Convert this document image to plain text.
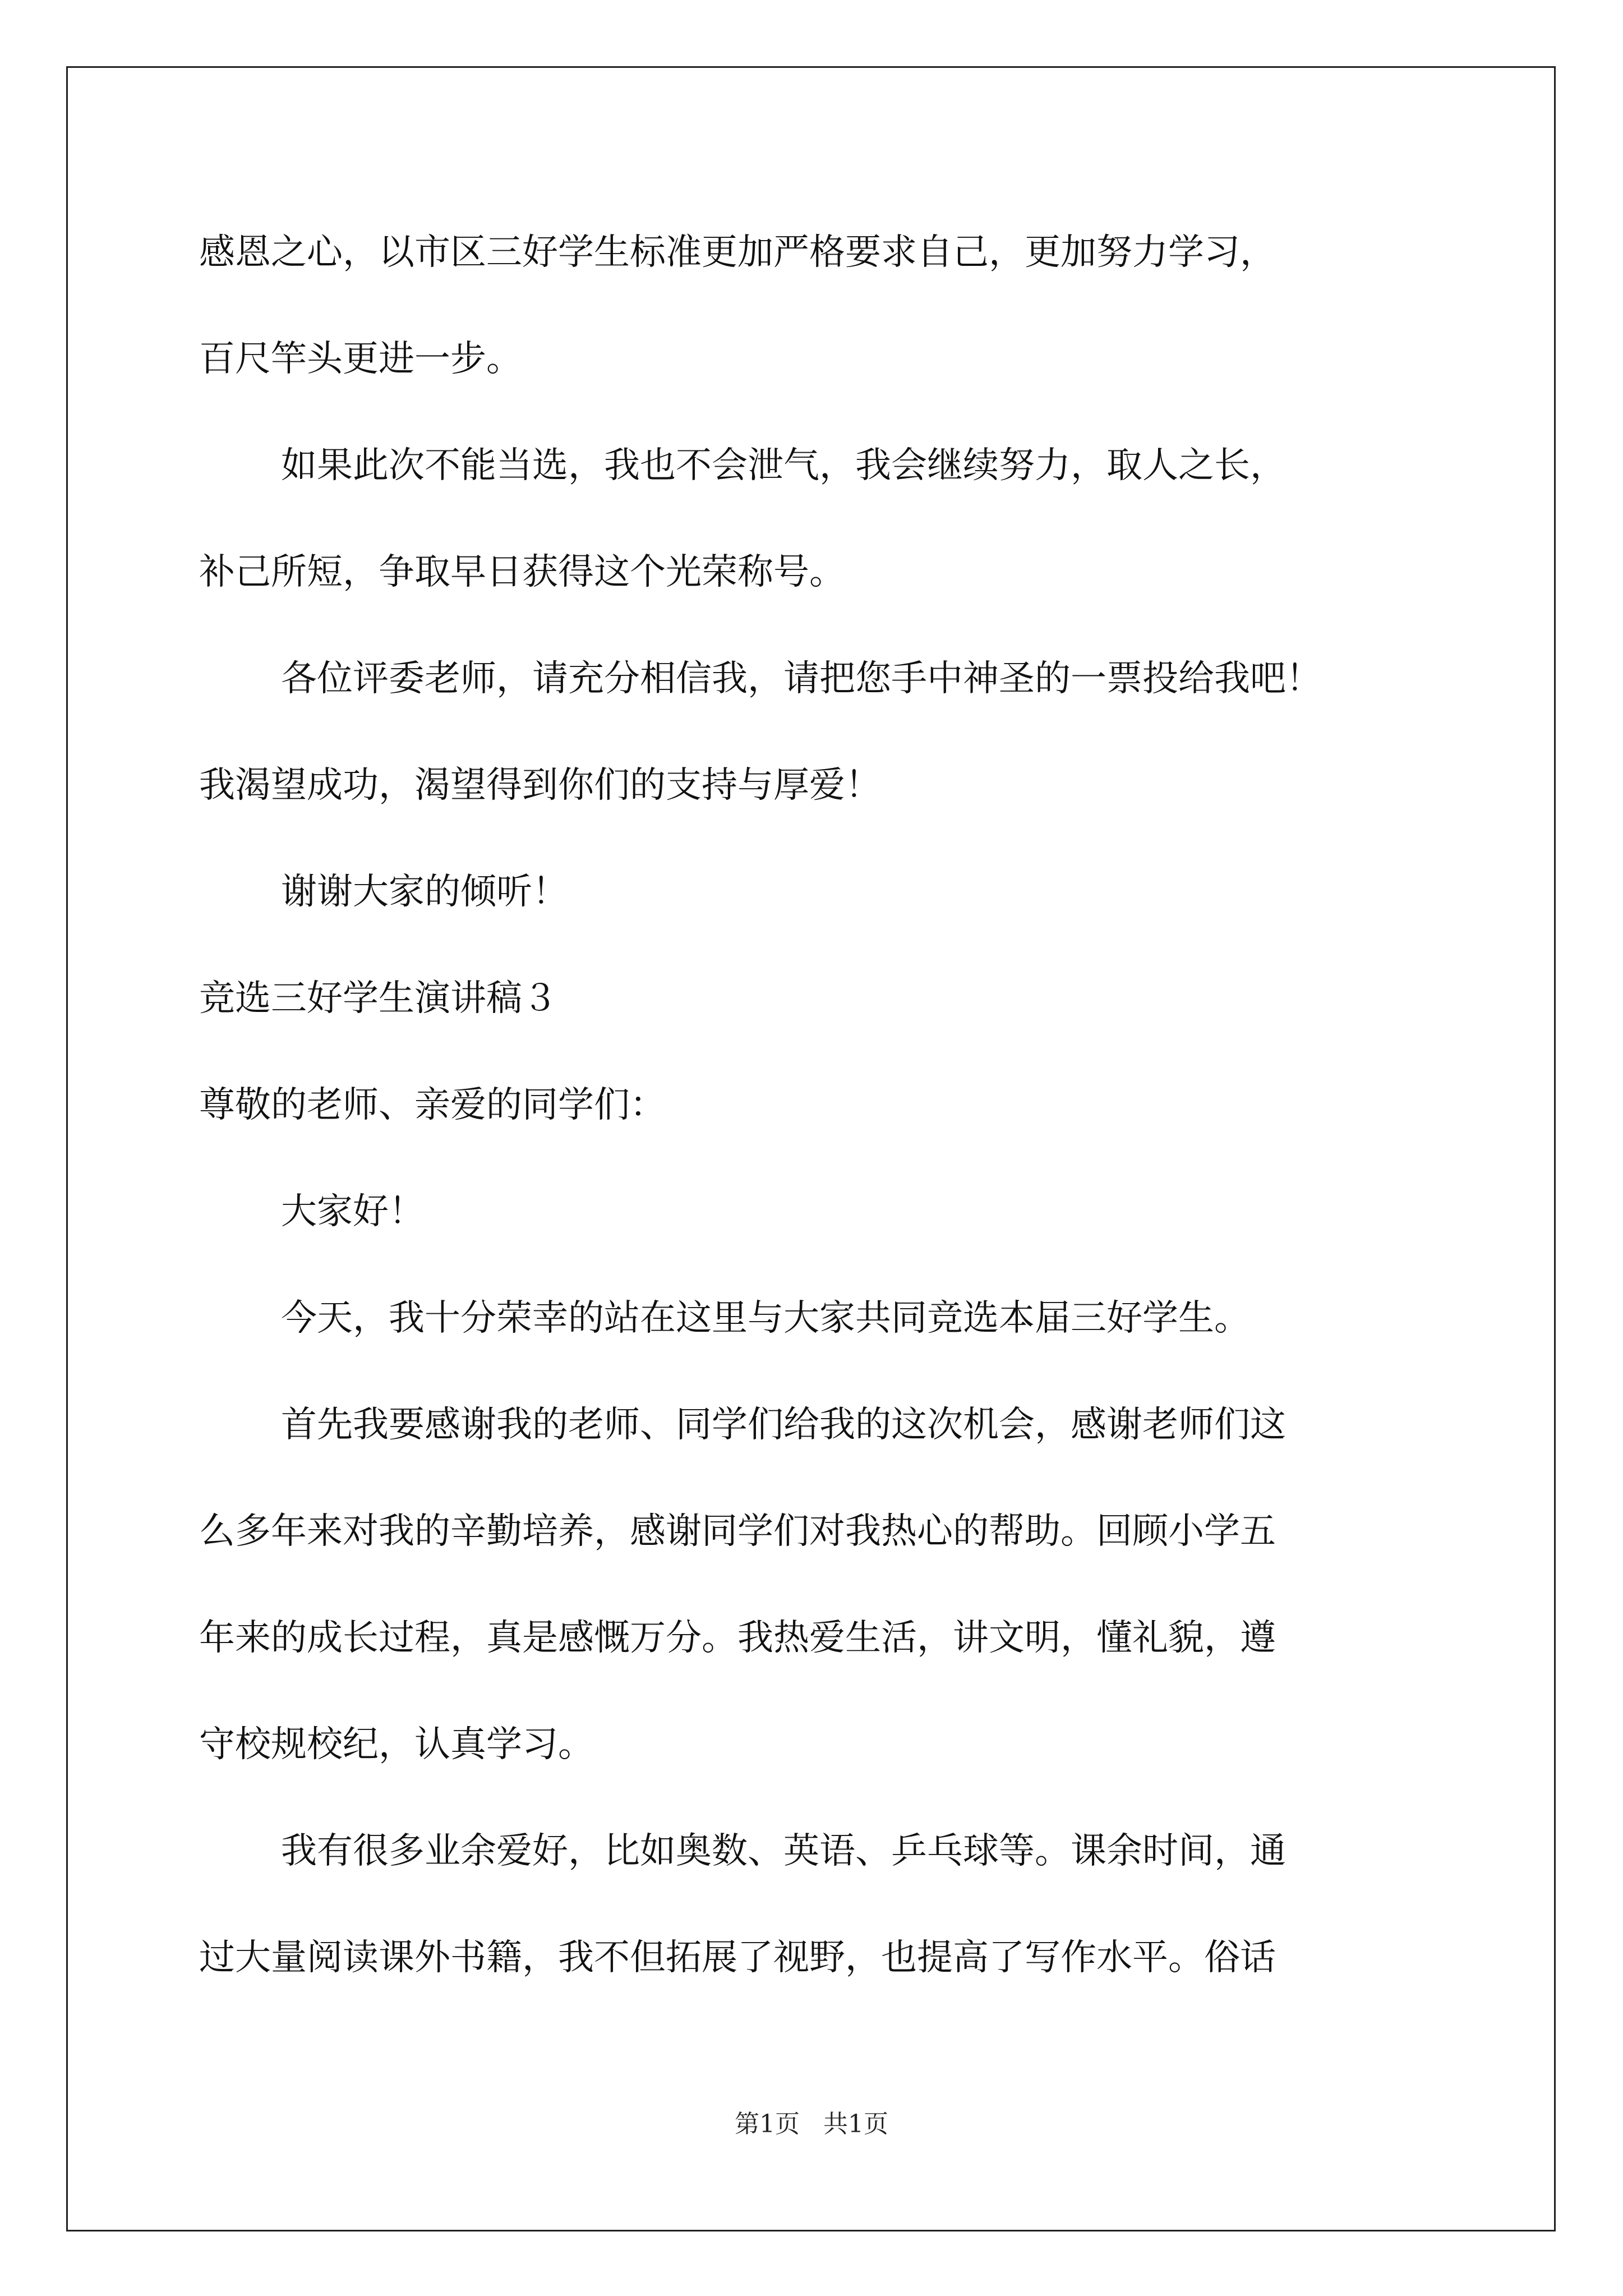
感恩之心，以市区三好学生标准更加严格要求自己，更加努力学习，

百尺竿头更进一步。

如果此次不能当选，我也不会泄气，我会继续努力，取人之长，

补己所短，争取早日获得这个光荣称号。

各位评委老师，请充分相信我，请把您手中神圣的一票投给我吧！

我渴望成功，渴望得到你们的支持与厚爱！

谢谢大家的倾听！

竞选三好学生演讲稿３

尊敬的老师、亲爱的同学们：

大家好！

今天，我十分荣幸的站在这里与大家共同竞选本届三好学生。

首先我要感谢我的老师、同学们给我的这次机会，感谢老师们这

么多年来对我的辛勤培养，感谢同学们对我热心的帮助。回顾小学五

年来的成长过程，真是感慨万分。我热爱生活，讲文明，懂礼貌，遵

守校规校纪，认真学习。

我有很多业余爱好，比如奥数、英语、乒乓球等。课余时间，通

过大量阅读课外书籍，我不但拓展了视野，也提高了写作水平。俗话

第1页 共1页
